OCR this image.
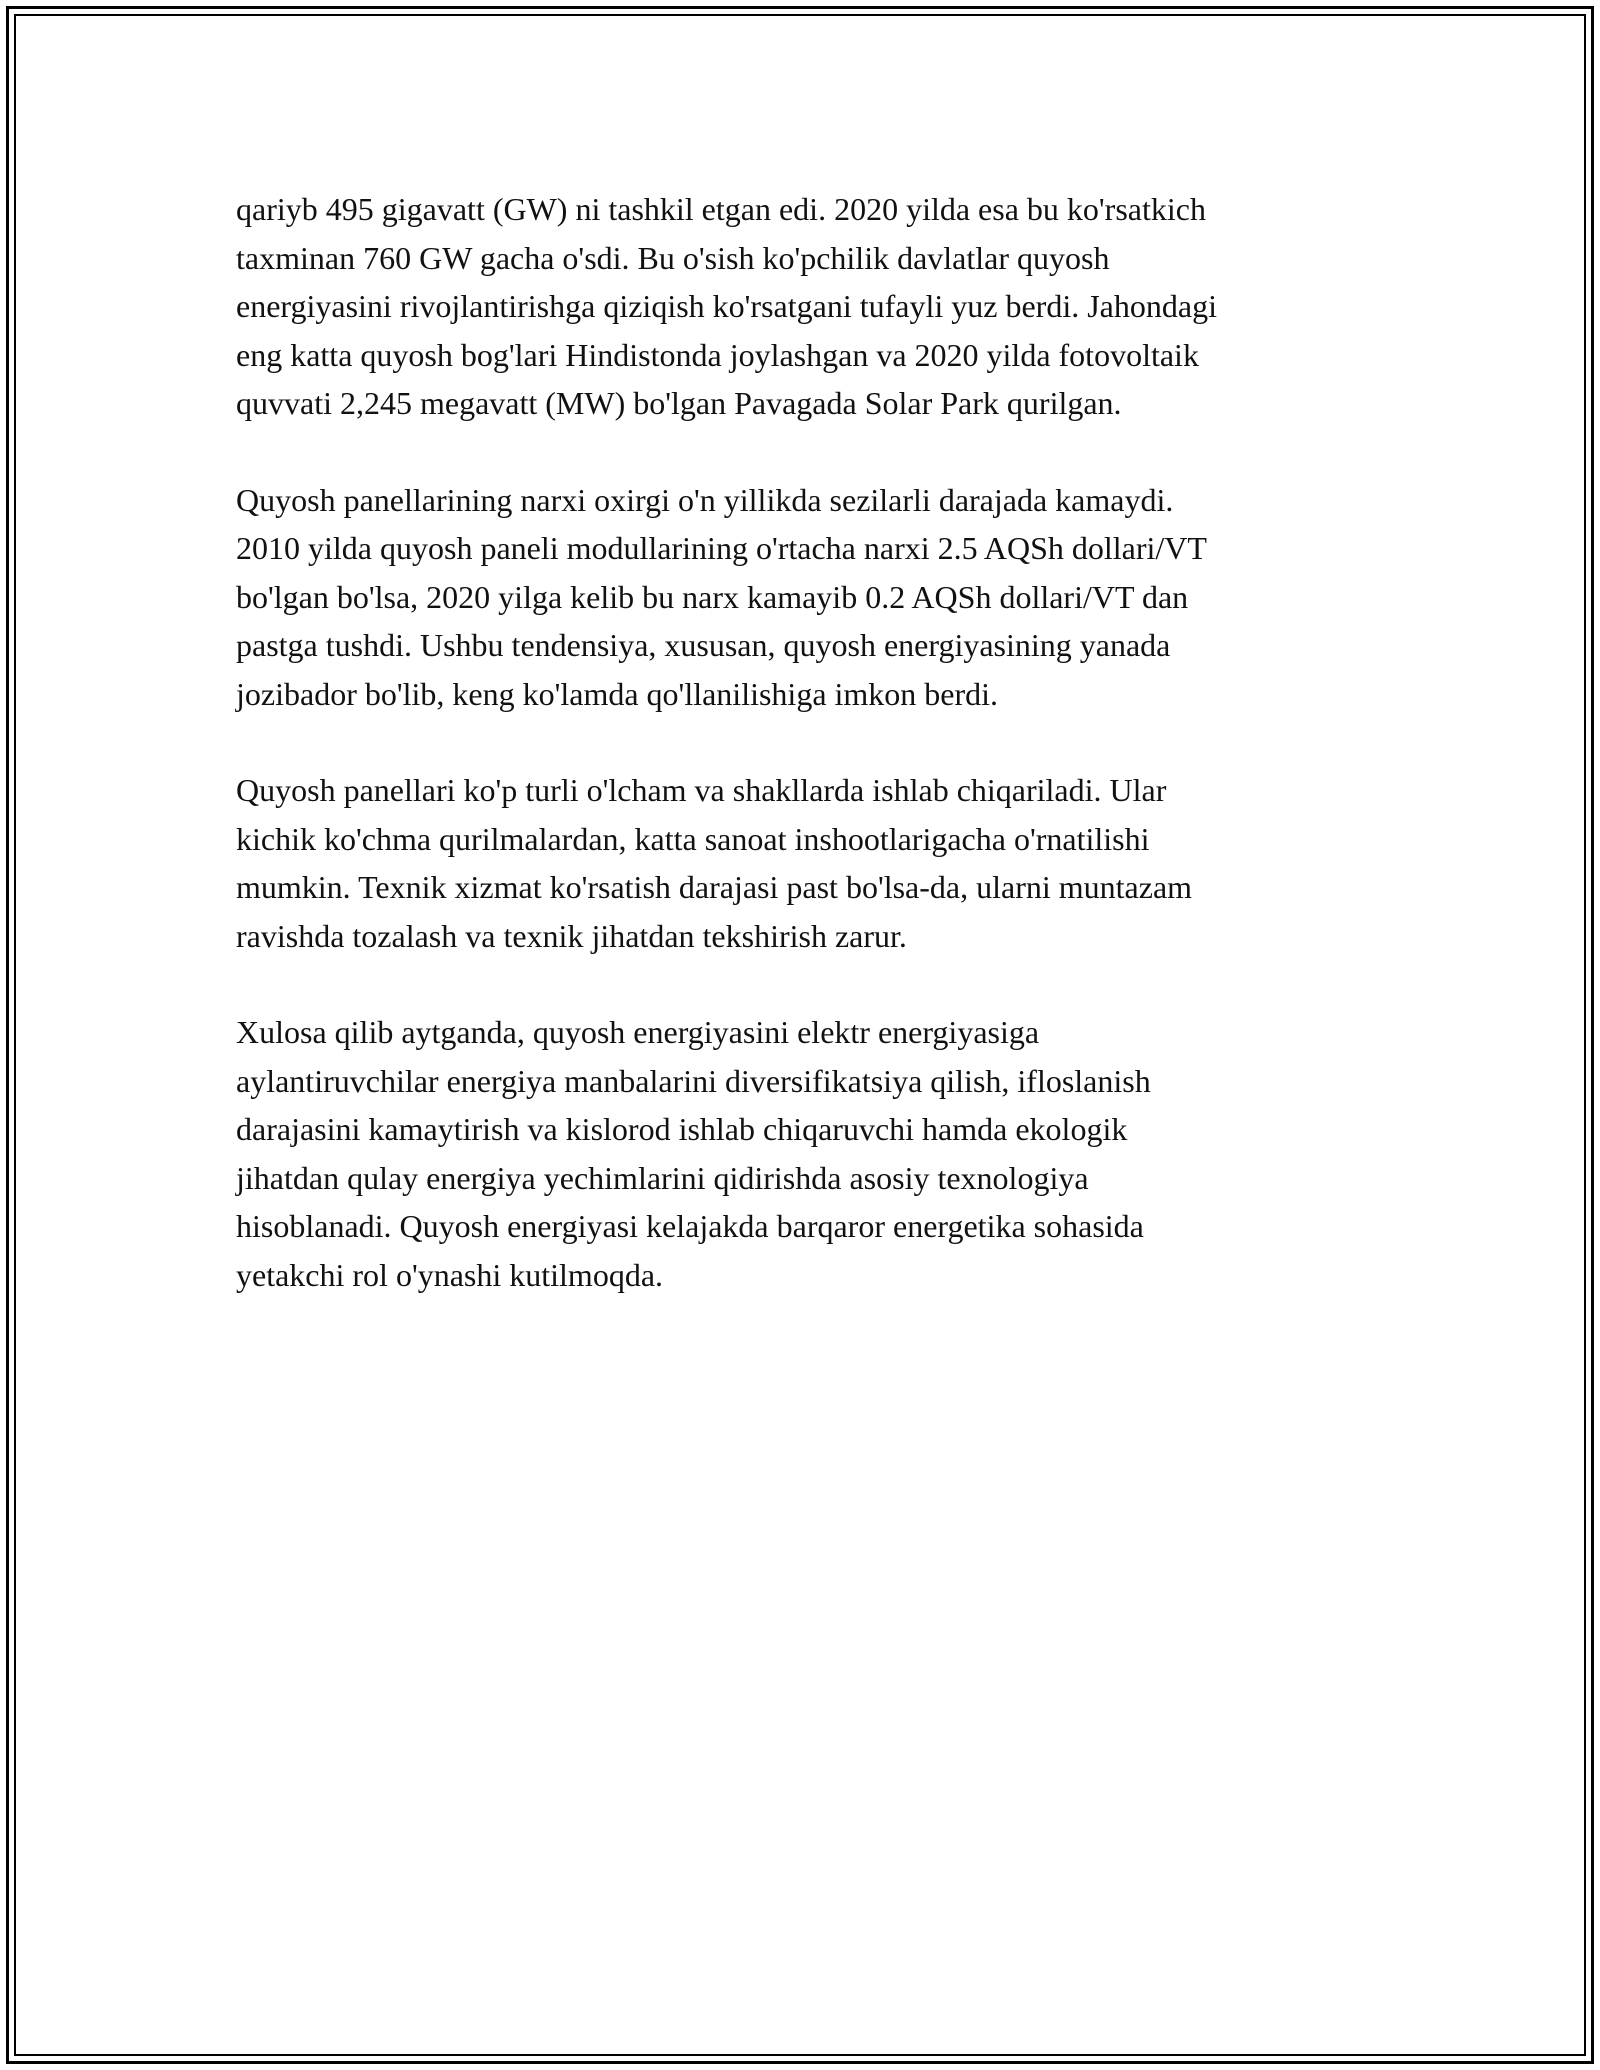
qariyb 495 gigavatt (GW) ni tashkil etgan edi. 2020 yilda esa bu ko'rsatkich
taxminan 760 GW gacha o'sdi. Bu o'sish ko'pchilik davlatlar quyosh
energiyasini rivojlantirishga qiziqish ko'rsatgani tufayli yuz berdi. Jahondagi
eng katta quyosh bog'lari Hindistonda joylashgan va 2020 yilda fotovoltaik
quvvati 2,245 megavatt (MW) bo'lgan Pavagada Solar Park qurilgan.

Quyosh panellarining narxi oxirgi o'n yillikda sezilarli darajada kamaydi.
2010 yilda quyosh paneli modullarining o'rtacha narxi 2.5 AQSh dollari/VT
bo'lgan bo'lsa, 2020 yilga kelib bu narx kamayib 0.2 AQSh dollari/VT dan
pastga tushdi. Ushbu tendensiya, xususan, quyosh energiyasining yanada
jozibador bo'lib, keng ko'lamda qo'llanilishiga imkon berdi.

Quyosh panellari ko'p turli o'lcham va shakllarda ishlab chiqariladi. Ular
kichik ko'chma qurilmalardan, katta sanoat inshootlarigacha o'rnatilishi
mumkin. Texnik xizmat ko'rsatish darajasi past bo'lsa-da, ularni muntazam
ravishda tozalash va texnik jihatdan tekshirish zarur.

Xulosa qilib aytganda, quyosh energiyasini elektr energiyasiga
aylantiruvchilar energiya manbalarini diversifikatsiya qilish, ifloslanish
darajasini kamaytirish va kislorod ishlab chiqaruvchi hamda ekologik
jihatdan qulay energiya yechimlarini qidirishda asosiy texnologiya
hisoblanadi. Quyosh energiyasi kelajakda barqaror energetika sohasida
yetakchi rol o'ynashi kutilmoqda.
